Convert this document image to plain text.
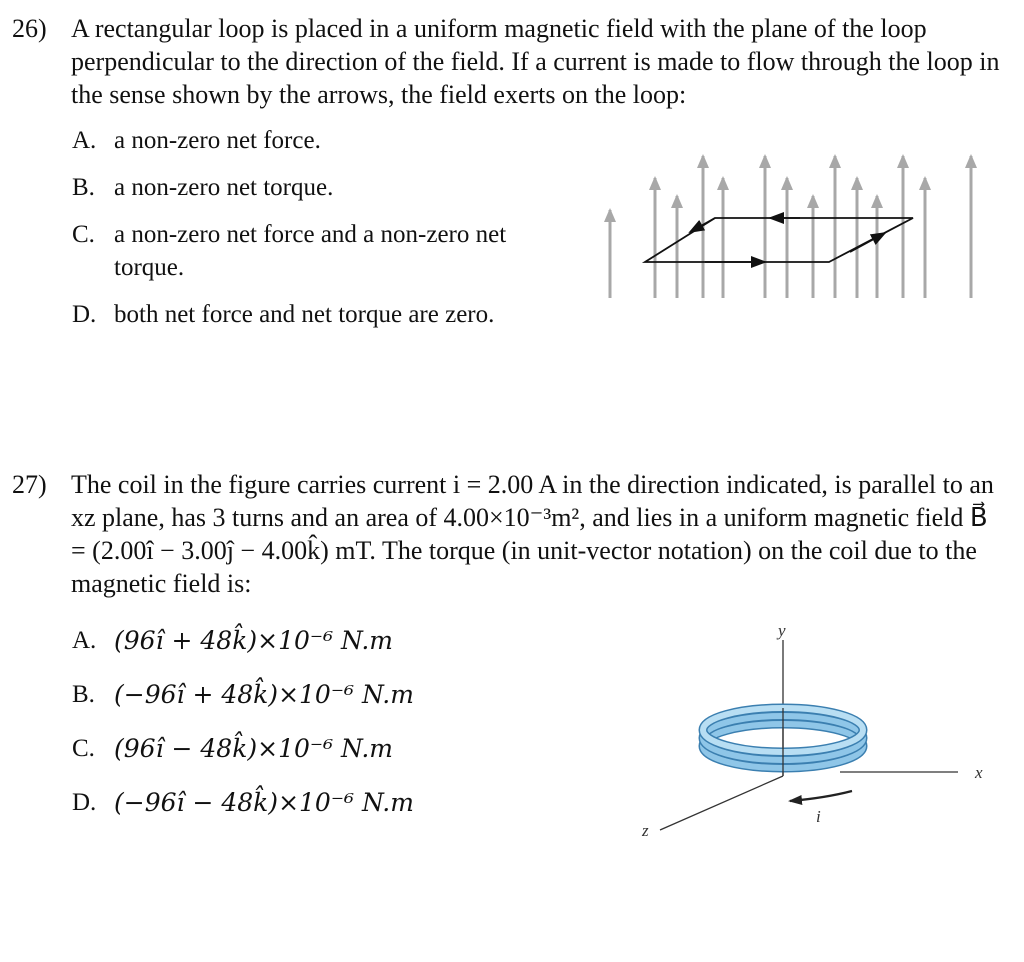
26) A rectangular loop is placed in a uniform magnetic field with the plane of the loop perpendicular to the direction of the field. If a current is made to flow through the loop in the sense shown by the arrows, the field exerts on the loop:
A. a non-zero net force.
B. a non-zero net torque.
C. a non-zero net force and a non-zero net
torque.
D. both net force and net torque are zero.
27) The coil in the figure carries current i = 2.00 A in the direction indicated, is parallel to an xz plane, has 3 turns and an area of 4.00×10⁻³m², and lies in a uniform magnetic field B⃗ = (2.00î − 3.00ĵ − 4.00k̂) mT. The torque (in unit-vector notation) on the coil due to the magnetic field is:
A. (96î + 48k̂)×10⁻⁶ N.m
B. (−96î + 48k̂)×10⁻⁶ N.m
C. (96î − 48k̂)×10⁻⁶ N.m
D. (−96î − 48k̂)×10⁻⁶ N.m
y
x
z
i
